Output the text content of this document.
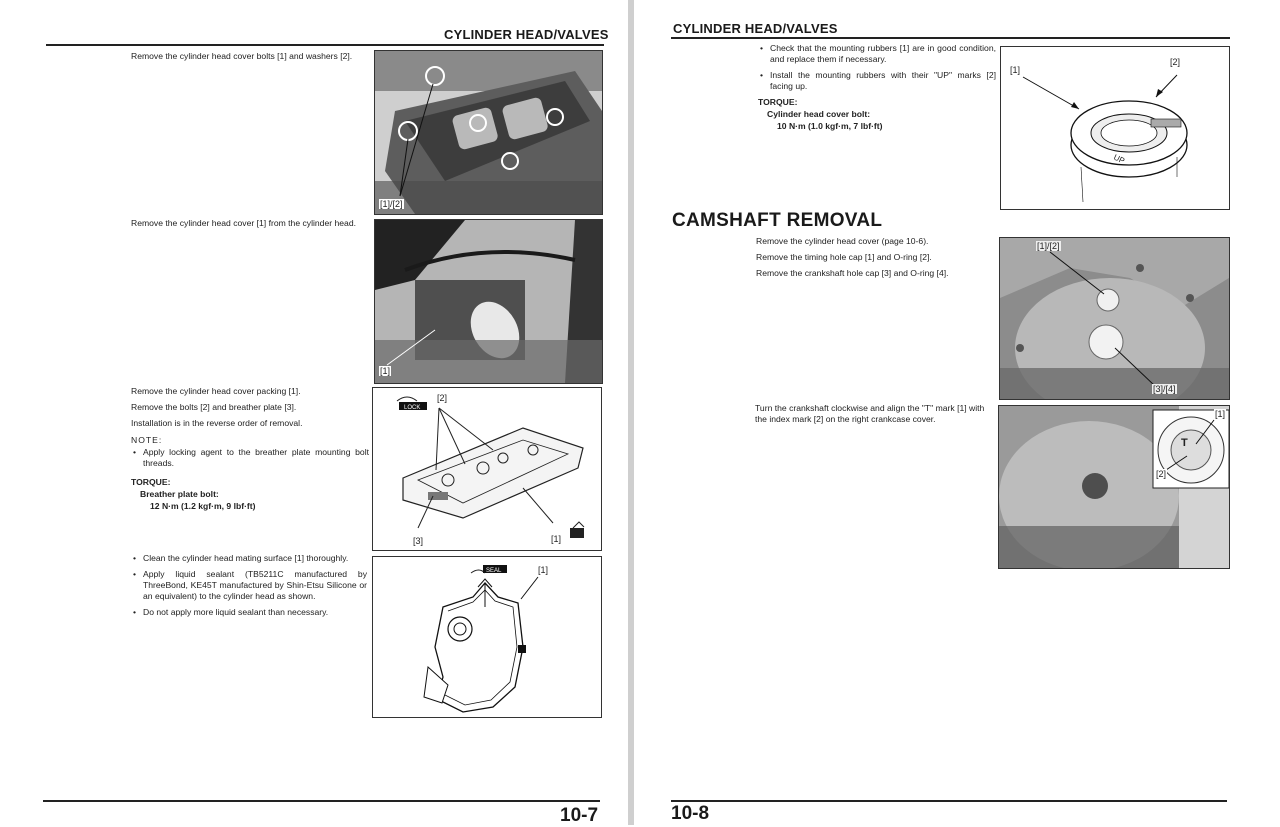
CYLINDER HEAD/VALVES
Remove the cylinder head cover bolts [1] and washers [2].
[1]/[2]
Remove the cylinder head cover [1] from the cylinder head.
[1]

Remove the cylinder head cover packing [1].

Remove the bolts [2] and breather plate [3].

Installation is in the reverse order of removal.

NOTE:

• Apply locking agent to the breather plate mounting bolt threads.

TORQUE:

Breather plate bolt:

12 N·m (1.2 kgf·m, 9 lbf·ft)

LOCK
[2]
[3]	[1]
• Clean the cylinder head mating surface [1] thoroughly.
• Apply liquid sealant (TB5211C manufactured by ThreeBond, KE45T manufactured by Shin-Etsu Silicone or an equivalent) to the cylinder head as shown.
• Do not apply more liquid sealant than necessary.
SEAL	[1]
10-7
CYLINDER HEAD/VALVES
• Check that the mounting rubbers [1] are in good condition, and replace them if necessary.
• Install the mounting rubbers with their "UP" marks [2] facing up.

TORQUE:

Cylinder head cover bolt:

10 N·m (1.0 kgf·m, 7 lbf·ft)

UP
[1]
[2]
CAMSHAFT REMOVAL

Remove the cylinder head cover (page 10-6).

Remove the timing hole cap [1] and O-ring [2].

Remove the crankshaft hole cap [3] and O-ring [4].

[1]/[2]
[3]/[4]
Turn the crankshaft clockwise and align the "T" mark [1] with the index mark [2] on the right crankcase cover.
T
[1]
[2]
10-8
